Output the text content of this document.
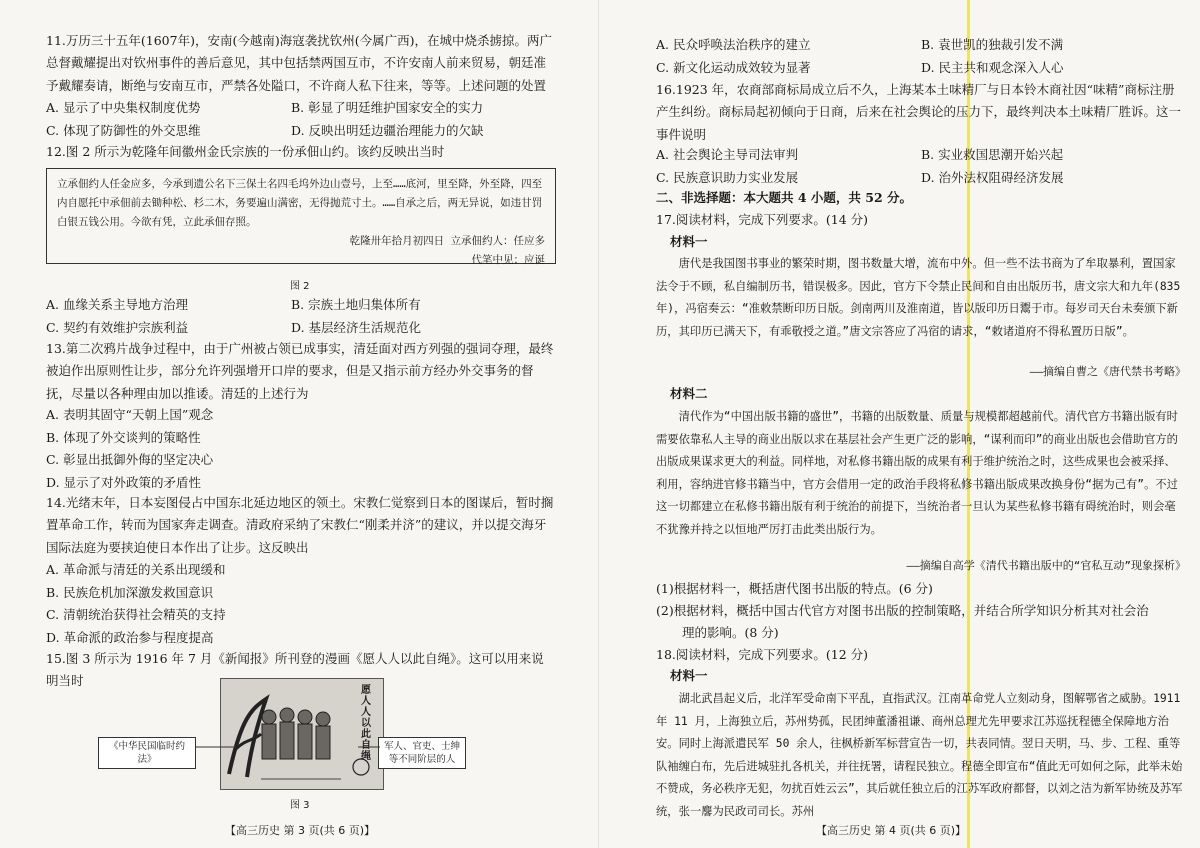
11.万历三十五年(1607年)，安南(今越南)海寇袭扰钦州(今属广西)，在城中烧杀掳掠。两广总督戴耀提出对钦州事件的善后意见，其中包括禁两国互市，不许安南人前来贸易，朝廷准予戴耀奏请，断绝与安南互市，严禁各处隘口，不许商人私下往来，等等。上述问题的处置

A. 显示了中央集权制度优势	B. 彰显了明廷维护国家安全的实力
C. 体现了防御性的外交思维	D. 反映出明廷边疆治理能力的欠缺

12.图 2 所示为乾隆年间徽州金氏宗族的一份承佃山约。该约反映出当时

立承佃约人任金应多，今承到遗公名下三保土名四毛坞外边山壹号，上至……底河，里至降，外至降，四至内自愿托中承佃前去锄种松、杉二木，务要遍山满密，无得抛荒寸土。……自承之后，两无异说，如违甘罚白银五钱公用。今欲有凭，立此承佃存照。
乾隆卅年拾月初四日 立承佃约人：任应多
代笔中见：应诞
图 2
A. 血缘关系主导地方治理	B. 宗族土地归集体所有
C. 契约有效维护宗族利益	D. 基层经济生活规范化

13.第二次鸦片战争过程中，由于广州被占领已成事实，清廷面对西方列强的强词夺理，最终被迫作出原则性让步，部分允许列强增开口岸的要求，但是又指示前方经办外交事务的督抚，尽量以各种理由加以推诿。清廷的上述行为

A. 表明其固守“天朝上国”观念
B. 体现了外交谈判的策略性
C. 彰显出抵御外侮的坚定决心
D. 显示了对外政策的矛盾性

14.光绪末年，日本妄图侵占中国东北延边地区的领土。宋教仁觉察到日本的图谋后，暂时搁置革命工作，转而为国家奔走调查。清政府采纳了宋教仁“刚柔并济”的建议，并以提交海牙国际法庭为要挟迫使日本作出了让步。这反映出

A. 革命派与清廷的关系出现缓和
B. 民族危机加深激发救国意识
C. 清朝统治获得社会精英的支持
D. 革命派的政治参与程度提高

15.图 3 所示为 1916 年 7 月《新闻报》所刊登的漫画《愿人人以此自绳》。这可以用来说明当时

愿人人以此自绳
《中华民国临时约法》
军人、官吏、士绅等不同阶层的人
图 3
【高三历史 第 3 页(共 6 页)】
A. 民众呼唤法治秩序的建立	B. 袁世凯的独裁引发不满
C. 新文化运动成效较为显著	D. 民主共和观念深入人心

16.1923 年，农商部商标局成立后不久，上海某本土味精厂与日本铃木商社因“味精”商标注册产生纠纷。商标局起初倾向于日商，后来在社会舆论的压力下，最终判决本土味精厂胜诉。这一事件说明

A. 社会舆论主导司法审判	B. 实业救国思潮开始兴起
C. 民族意识助力实业发展	D. 治外法权阻碍经济发展
二、非选择题：本大题共 4 小题，共 52 分。
17.阅读材料，完成下列要求。(14 分)
材料一
唐代是我国图书事业的繁荣时期，图书数量大增，流布中外。但一些不法书商为了牟取暴利，置国家法令于不顾，私自编制历书，错误极多。因此，官方下令禁止民间和自由出版历书，唐文宗大和九年(835 年)，冯宿奏云：“准敕禁断印历日版。剑南两川及淮南道，皆以版印历日鬻于市。每岁司天台未奏颁下新历，其印历已满天下，有乖敬授之道。”唐文宗答应了冯宿的请求，“敕诸道府不得私置历日版”。
——摘编自曹之《唐代禁书考略》
材料二
清代作为“中国出版书籍的盛世”，书籍的出版数量、质量与规模都超越前代。清代官方书籍出版有时需要依靠私人主导的商业出版以求在基层社会产生更广泛的影响，“谋利而印”的商业出版也会借助官方的出版成果谋求更大的利益。同样地，对私修书籍出版的成果有利于维护统治之时，这些成果也会被采择、利用，容纳进官修书籍当中，官方会借用一定的政治手段将私修书籍出版成果改换身份“据为己有”。不过这一切都建立在私修书籍出版有利于统治的前提下，当统治者一旦认为某些私修书籍有碍统治时，则会毫不犹豫并持之以恒地严厉打击此类出版行为。
——摘编自高学《清代书籍出版中的“官私互动”现象探析》
(1)根据材料一，概括唐代图书出版的特点。(6 分)
(2)根据材料，概括中国古代官方对图书出版的控制策略，并结合所学知识分析其对社会治
理的影响。(8 分)
18.阅读材料，完成下列要求。(12 分)
材料一
湖北武昌起义后，北洋军受命南下平乱，直指武汉。江南革命党人立刻动身，图解鄂省之威胁。1911 年 11 月，上海独立后，苏州势孤，民团绅董潘祖谦、商州总理尤先甲要求江苏巡抚程德全保障地方治安。同时上海派遣民军 50 余人，往枫桥新军标营宣告一切，共表同情。翌日天明，马、步、工程、重等队袖缠白布，先后进城驻扎各机关，并往抚署，请程民独立。程德全即宣布“值此无可如何之际，此举未始不赞成，务必秩序无犯，勿扰百姓云云”，其后就任独立后的江苏军政府都督，以刘之洁为新军协统及苏军统，张一麐为民政司司长。苏州
【高三历史 第 4 页(共 6 页)】
